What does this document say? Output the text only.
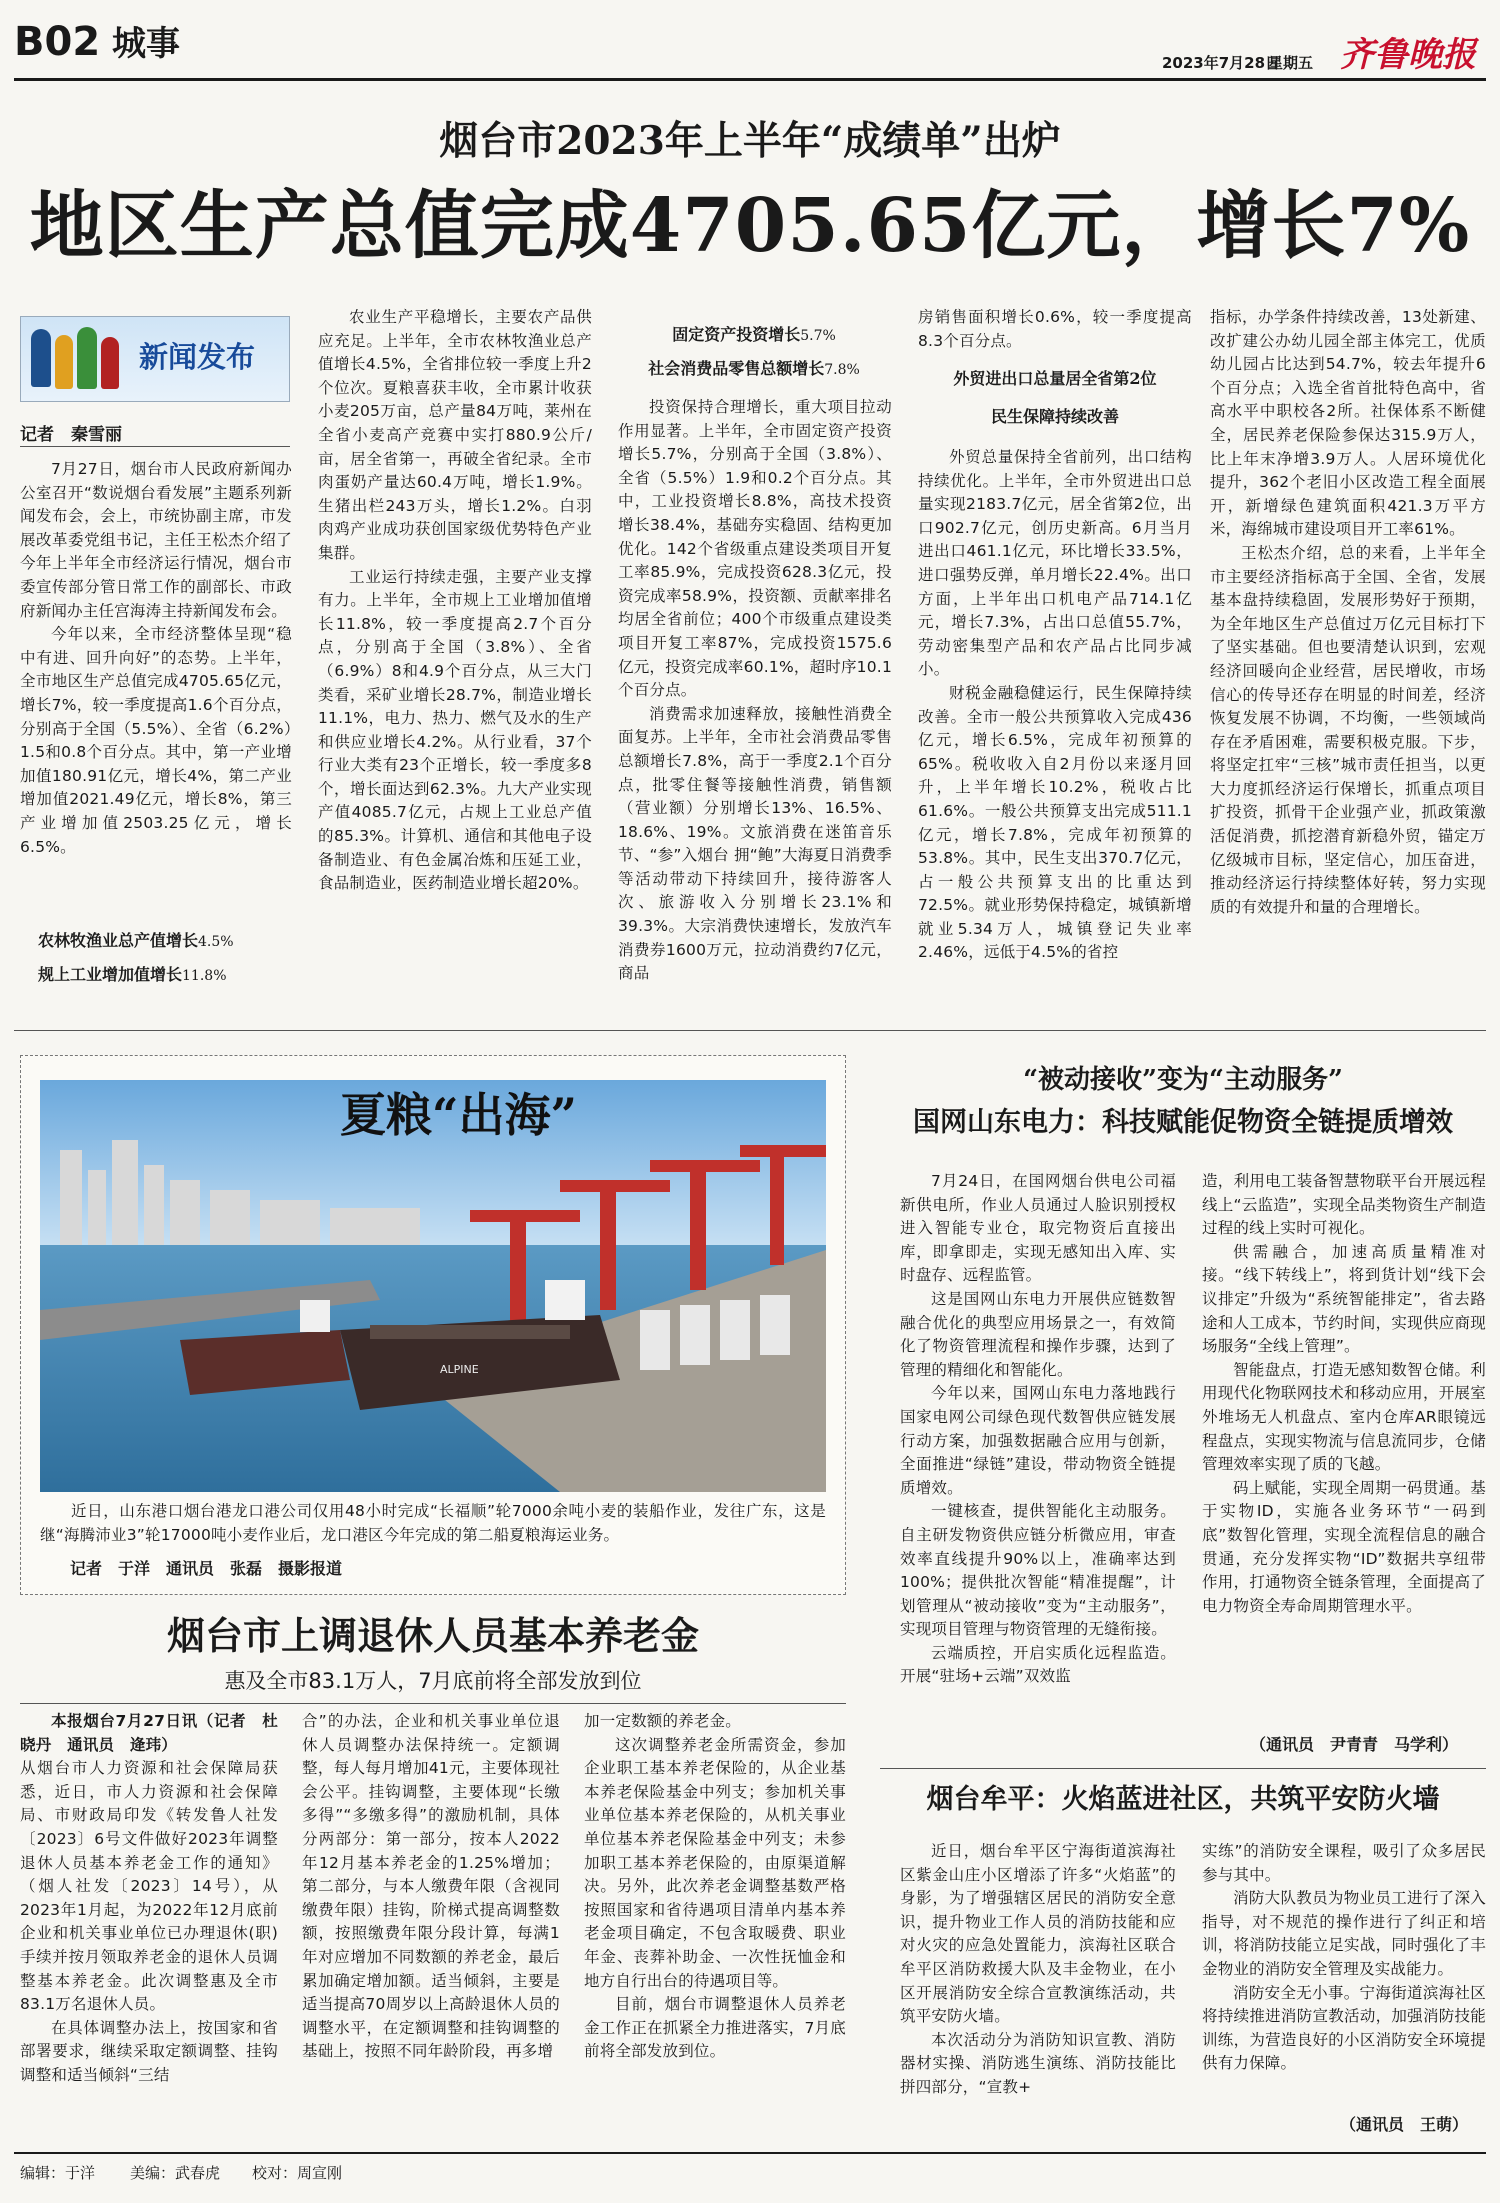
B02 城事	2023年7月28日
星期五 齐鲁晚报
烟台市2023年上半年“成绩单”出炉
地区生产总值完成4705.65亿元，增长7%
新闻发布
记者　秦雪丽

7月27日，烟台市人民政府新闻办公室召开“数说烟台看发展”主题系列新闻发布会，会上，市统协副主席，市发展改革委党组书记，主任王松杰介绍了今年上半年全市经济运行情况，烟台市委宣传部分管日常工作的副部长、市政府新闻办主任宫海涛主持新闻发布会。

今年以来，全市经济整体呈现“稳中有进、回升向好”的态势。上半年，全市地区生产总值完成4705.65亿元，增长7%，较一季度提高1.6个百分点，分别高于全国（5.5%）、全省（6.2%）1.5和0.8个百分点。其中，第一产业增加值180.91亿元，增长4%，第二产业增加值2021.49亿元，增长8%，第三产业增加值2503.25亿元，增长6.5%。

农林牧渔业总产值增长4.5%
规上工业增加值增长11.8%

农业生产平稳增长，主要农产品供应充足。上半年，全市农林牧渔业总产值增长4.5%，全省排位较一季度上升2个位次。夏粮喜获丰收，全市累计收获小麦205万亩，总产量84万吨，莱州在全省小麦高产竞赛中实打880.9公斤/亩，居全省第一，再破全省纪录。全市肉蛋奶产量达60.4万吨，增长1.9%。生猪出栏243万头，增长1.2%。白羽肉鸡产业成功获创国家级优势特色产业集群。

工业运行持续走强，主要产业支撑有力。上半年，全市规上工业增加值增长11.8%，较一季度提高2.7个百分点，分别高于全国（3.8%）、全省（6.9%）8和4.9个百分点，从三大门类看，采矿业增长28.7%，制造业增长11.1%，电力、热力、燃气及水的生产和供应业增长4.2%。从行业看，37个行业大类有23个正增长，较一季度多8个，增长面达到62.3%。九大产业实现产值4085.7亿元，占规上工业总产值的85.3%。计算机、通信和其他电子设备制造业、有色金属冶炼和压延工业，食品制造业，医药制造业增长超20%。

固定资产投资增长5.7%
社会消费品零售总额增长7.8%

投资保持合理增长，重大项目拉动作用显著。上半年，全市固定资产投资增长5.7%，分别高于全国（3.8%）、全省（5.5%）1.9和0.2个百分点。其中，工业投资增长8.8%，高技术投资增长38.4%，基础夯实稳固、结构更加优化。142个省级重点建设类项目开复工率85.9%，完成投资628.3亿元，投资完成率58.9%，投资额、贡献率排名均居全省前位；400个市级重点建设类项目开复工率87%，完成投资1575.6亿元，投资完成率60.1%，超时序10.1个百分点。

消费需求加速释放，接触性消费全面复苏。上半年，全市社会消费品零售总额增长7.8%，高于一季度2.1个百分点，批零住餐等接触性消费，销售额（营业额）分别增长13%、16.5%、18.6%、19%。文旅消费在迷笛音乐节、“参”入烟台 拥“鲍”大海夏日消费季等活动带动下持续回升，接待游客人次、旅游收入分别增长23.1%和39.3%。大宗消费快速增长，发放汽车消费券1600万元，拉动消费约7亿元，商品

房销售面积增长0.6%，较一季度提高8.3个百分点。

外贸进出口总量居全省第2位
民生保障持续改善

外贸总量保持全省前列，出口结构持续优化。上半年，全市外贸进出口总量实现2183.7亿元，居全省第2位，出口902.7亿元，创历史新高。6月当月进出口461.1亿元，环比增长33.5%，进口强势反弹，单月增长22.4%。出口方面，上半年出口机电产品714.1亿元，增长7.3%，占出口总值55.7%，劳动密集型产品和农产品占比同步减小。

财税金融稳健运行，民生保障持续改善。全市一般公共预算收入完成436亿元，增长6.5%，完成年初预算的65%。税收收入自2月份以来逐月回升，上半年增长10.2%，税收占比61.6%。一般公共预算支出完成511.1亿元，增长7.8%，完成年初预算的53.8%。其中，民生支出370.7亿元，占一般公共预算支出的比重达到72.5%。就业形势保持稳定，城镇新增就业5.34万人，城镇登记失业率2.46%，远低于4.5%的省控

指标，办学条件持续改善，13处新建、改扩建公办幼儿园全部主体完工，优质幼儿园占比达到54.7%，较去年提升6个百分点；入选全省首批特色高中，省高水平中职校各2所。社保体系不断健全，居民养老保险参保达315.9万人，比上年末净增3.9万人。人居环境优化提升，362个老旧小区改造工程全面展开，新增绿色建筑面积421.3万平方米，海绵城市建设项目开工率61%。

王松杰介绍，总的来看，上半年全市主要经济指标高于全国、全省，发展基本盘持续稳固，发展形势好于预期，为全年地区生产总值过万亿元目标打下了坚实基础。但也要清楚认识到，宏观经济回暖向企业经营，居民增收，市场信心的传导还存在明显的时间差，经济恢复发展不协调，不均衡，一些领域尚存在矛盾困难，需要积极克服。下步，将坚定扛牢“三核”城市责任担当，以更大力度抓经济运行保增长，抓重点项目扩投资，抓骨干企业强产业，抓政策激活促消费，抓挖潜育新稳外贸，锚定万亿级城市目标，坚定信心，加压奋进，推动经济运行持续整体好转，努力实现质的有效提升和量的合理增长。

ALPINE
夏粮“出海”

近日，山东港口烟台港龙口港公司仅用48小时完成“长福顺”轮7000余吨小麦的装船作业，发往广东，这是继“海腾沛业3”轮17000吨小麦作业后，龙口港区今年完成的第二船夏粮海运业务。

记者　于洋　通讯员　张磊　摄影报道
烟台市上调退休人员基本养老金
惠及全市83.1万人，7月底前将全部发放到位

本报烟台7月27日讯（记者　杜晓丹　通讯员　逄玮）

从烟台市人力资源和社会保障局获悉，近日，市人力资源和社会保障局、市财政局印发《转发鲁人社发〔2023〕6号文件做好2023年调整退休人员基本养老金工作的通知》（烟人社发〔2023〕14号），从2023年1月起，为2022年12月底前企业和机关事业单位已办理退休(职)手续并按月领取养老金的退休人员调整基本养老金。此次调整惠及全市83.1万名退休人员。

在具体调整办法上，按国家和省部署要求，继续采取定额调整、挂钩调整和适当倾斜“三结

合”的办法，企业和机关事业单位退休人员调整办法保持统一。定额调整，每人每月增加41元，主要体现社会公平。挂钩调整，主要体现“长缴多得”“多缴多得”的激励机制，具体分两部分：第一部分，按本人2022年12月基本养老金的1.25%增加；第二部分，与本人缴费年限（含视同缴费年限）挂钩，阶梯式提高调整数额，按照缴费年限分段计算，每满1年对应增加不同数额的养老金，最后累加确定增加额。适当倾斜，主要是适当提高70周岁以上高龄退休人员的调整水平，在定额调整和挂钩调整的基础上，按照不同年龄阶段，再多增

加一定数额的养老金。

这次调整养老金所需资金，参加企业职工基本养老保险的，从企业基本养老保险基金中列支；参加机关事业单位基本养老保险的，从机关事业单位基本养老保险基金中列支；未参加职工基本养老保险的，由原渠道解决。另外，此次养老金调整基数严格按照国家和省待遇项目清单内基本养老金项目确定，不包含取暖费、职业年金、丧葬补助金、一次性抚恤金和地方自行出台的待遇项目等。

目前，烟台市调整退休人员养老金工作正在抓紧全力推进落实，7月底前将全部发放到位。

“被动接收”变为“主动服务”
国网山东电力：科技赋能促物资全链提质增效

7月24日，在国网烟台供电公司福新供电所，作业人员通过人脸识别授权进入智能专业仓，取完物资后直接出库，即拿即走，实现无感知出入库、实时盘存、远程监管。

这是国网山东电力开展供应链数智融合优化的典型应用场景之一，有效简化了物资管理流程和操作步骤，达到了管理的精细化和智能化。

今年以来，国网山东电力落地践行国家电网公司绿色现代数智供应链发展行动方案，加强数据融合应用与创新，全面推进“绿链”建设，带动物资全链提质增效。

一键核查，提供智能化主动服务。自主研发物资供应链分析微应用，审查效率直线提升90%以上，准确率达到100%；提供批次智能“精准提醒”，计划管理从“被动接收”变为“主动服务”，实现项目管理与物资管理的无缝衔接。

云端质控，开启实质化远程监造。开展“驻场+云端”双效监

造，利用电工装备智慧物联平台开展远程线上“云监造”，实现全品类物资生产制造过程的线上实时可视化。

供需融合，加速高质量精准对接。“线下转线上”，将到货计划“线下会议排定”升级为“系统智能排定”，省去路途和人工成本，节约时间，实现供应商现场服务“全线上管理”。

智能盘点，打造无感知数智仓储。利用现代化物联网技术和移动应用，开展室外堆场无人机盘点、室内仓库AR眼镜远程盘点，实现实物流与信息流同步，仓储管理效率实现了质的飞越。

码上赋能，实现全周期一码贯通。基于实物ID，实施各业务环节“一码到底”数智化管理，实现全流程信息的融合贯通，充分发挥实物“ID”数据共享纽带作用，打通物资全链条管理，全面提高了电力物资全寿命周期管理水平。

（通讯员　尹青青　马学利）
烟台牟平：火焰蓝进社区，共筑平安防火墙

近日，烟台牟平区宁海街道滨海社区紫金山庄小区增添了许多“火焰蓝”的身影，为了增强辖区居民的消防安全意识，提升物业工作人员的消防技能和应对火灾的应急处置能力，滨海社区联合牟平区消防救援大队及丰金物业，在小区开展消防安全综合宣教演练活动，共筑平安防火墙。

本次活动分为消防知识宣教、消防器材实操、消防逃生演练、消防技能比拼四部分，“宣教+

实练”的消防安全课程，吸引了众多居民参与其中。

消防大队教员为物业员工进行了深入指导，对不规范的操作进行了纠正和培训，将消防技能立足实战，同时强化了丰金物业的消防安全管理及实战能力。

消防安全无小事。宁海街道滨海社区将持续推进消防宣教活动，加强消防技能训练，为营造良好的小区消防安全环境提供有力保障。

（通讯员　王萌）
编辑：于洋 美编：武春虎 校对：周宣刚
